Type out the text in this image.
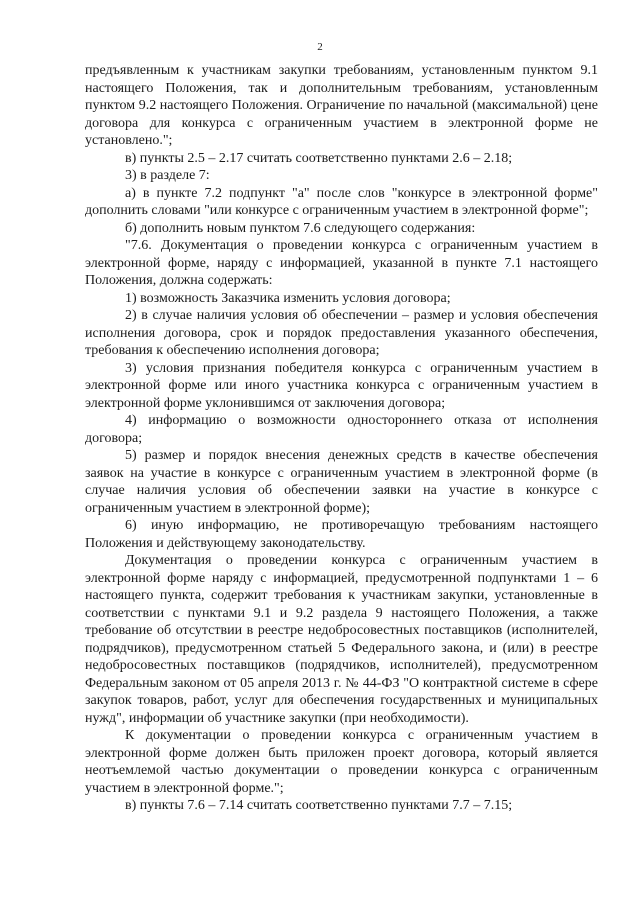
2

предъявленным к участникам закупки требованиям, установленным пунктом 9.1 настоящего Положения, так и дополнительным требованиям, установленным пунктом 9.2 настоящего Положения. Ограничение по начальной (максимальной) цене договора для конкурса с ограниченным участием в электронной форме не установлено.";

в) пункты 2.5 – 2.17 считать соответственно пунктами 2.6 – 2.18;

3) в разделе 7:

а) в пункте 7.2 подпункт "а" после слов "конкурсе в электронной форме" дополнить словами "или конкурсе с ограниченным участием в электронной форме";

б) дополнить новым пунктом 7.6 следующего содержания:

"7.6. Документация о проведении конкурса с ограниченным участием в электронной форме, наряду с информацией, указанной в пункте 7.1 настоящего Положения, должна содержать:

1) возможность Заказчика изменить условия договора;

2) в случае наличия условия об обеспечении – размер и условия обеспечения исполнения договора, срок и порядок предоставления указанного обеспечения, требования к обеспечению исполнения договора;

3) условия признания победителя конкурса с ограниченным участием в электронной форме или иного участника конкурса с ограниченным участием в электронной форме уклонившимся от заключения договора;

4) информацию о возможности одностороннего отказа от исполнения договора;

5) размер и порядок внесения денежных средств в качестве обеспечения заявок на участие в конкурсе с ограниченным участием в электронной форме (в случае наличия условия об обеспечении заявки на участие в конкурсе с ограниченным участием в электронной форме);

6) иную информацию, не противоречащую требованиям настоящего Положения и действующему законодательству.

Документация о проведении конкурса с ограниченным участием в электронной форме наряду с информацией, предусмотренной подпунктами 1 – 6 настоящего пункта, содержит требования к участникам закупки, установленные в соответствии с пунктами 9.1 и 9.2 раздела 9 настоящего Положения, а также требование об отсутствии в реестре недобросовестных поставщиков (исполнителей, подрядчиков), предусмотренном статьей 5 Федерального закона, и (или) в реестре недобросовестных поставщиков (подрядчиков, исполнителей), предусмотренном Федеральным законом от 05 апреля 2013 г. № 44-ФЗ "О контрактной системе в сфере закупок товаров, работ, услуг для обеспечения государственных и муниципальных нужд", информации об участнике закупки (при необходимости).

К документации о проведении конкурса с ограниченным участием в электронной форме должен быть приложен проект договора, который является неотъемлемой частью документации о проведении конкурса с ограниченным участием в электронной форме.";

в) пункты 7.6 – 7.14 считать соответственно пунктами 7.7 – 7.15;
